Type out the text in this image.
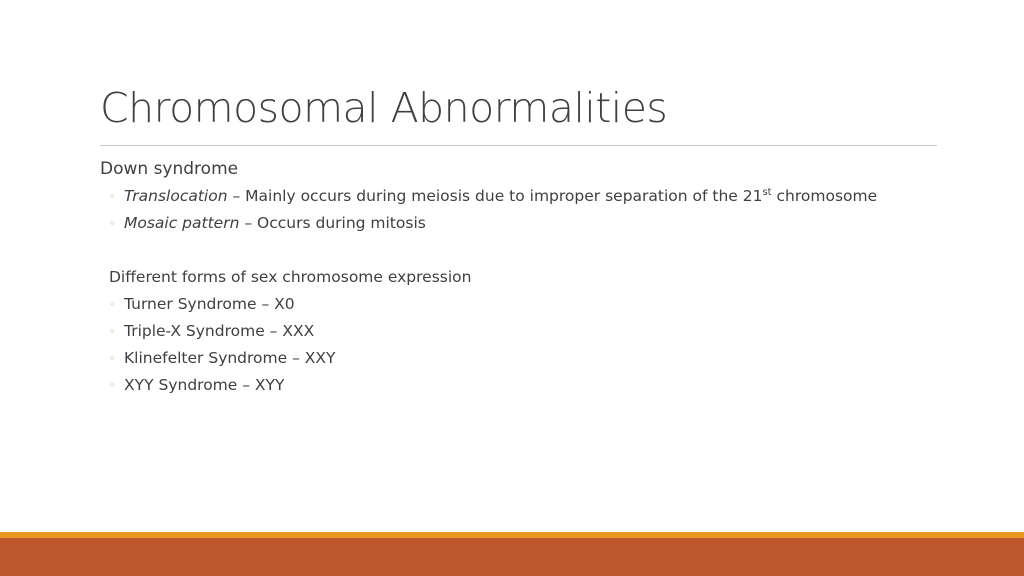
Chromosomal Abnormalities
Down syndrome
◦ Translocation – Mainly occurs during meiosis due to improper separation of the 21st chromosome
◦ Mosaic pattern – Occurs during mitosis
Different forms of sex chromosome expression
◦ Turner Syndrome – X0
◦ Triple-X Syndrome – XXX
◦ Klinefelter Syndrome – XXY
◦ XYY Syndrome – XYY
